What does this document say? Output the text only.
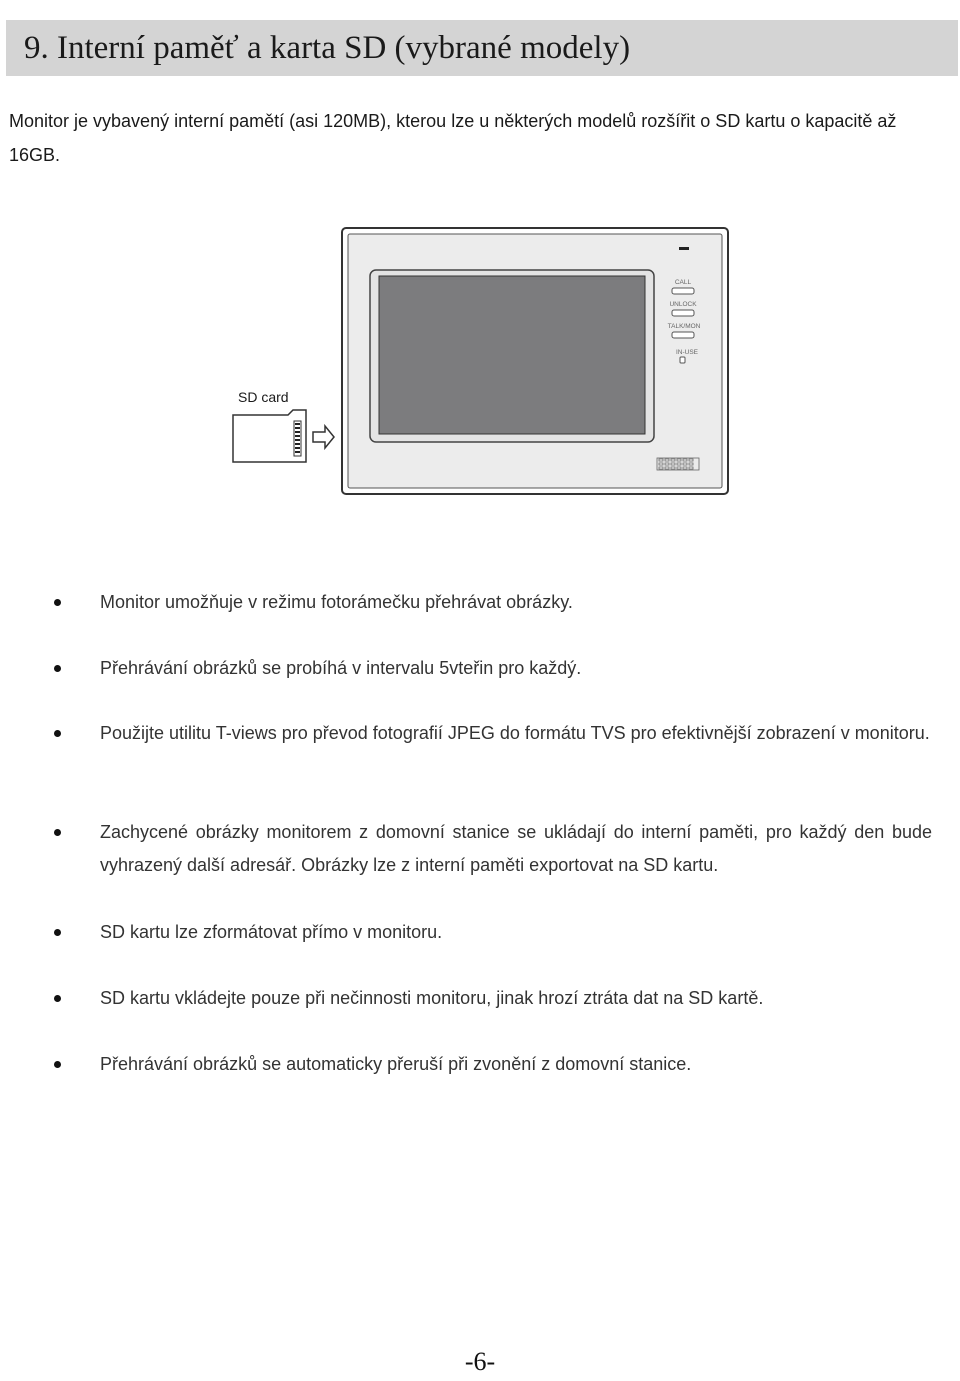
9. Interní paměť a karta SD (vybrané modely)

Monitor je vybavený interní pamětí (asi 120MB), kterou lze u některých modelů rozšířit o SD kartu o kapacitě až 16GB.

CALL
UNLOCK
TALK/MON
IN-USE
SD card
Monitor umožňuje v režimu fotorámečku přehrávat obrázky.
Přehrávání obrázků se probíhá v intervalu 5vteřin pro každý.
Použijte utilitu T-views pro převod fotografií JPEG do formátu TVS pro efektivnější zobrazení v monitoru.
Zachycené obrázky monitorem z domovní stanice se ukládají do interní paměti, pro každý den bude vyhrazený další adresář. Obrázky lze z interní paměti exportovat na SD kartu.
SD kartu lze zformátovat přímo v monitoru.
SD kartu vkládejte pouze při nečinnosti monitoru, jinak hrozí ztráta dat na SD kartě.
Přehrávání obrázků se automaticky přeruší při zvonění z domovní stanice.
-6-
